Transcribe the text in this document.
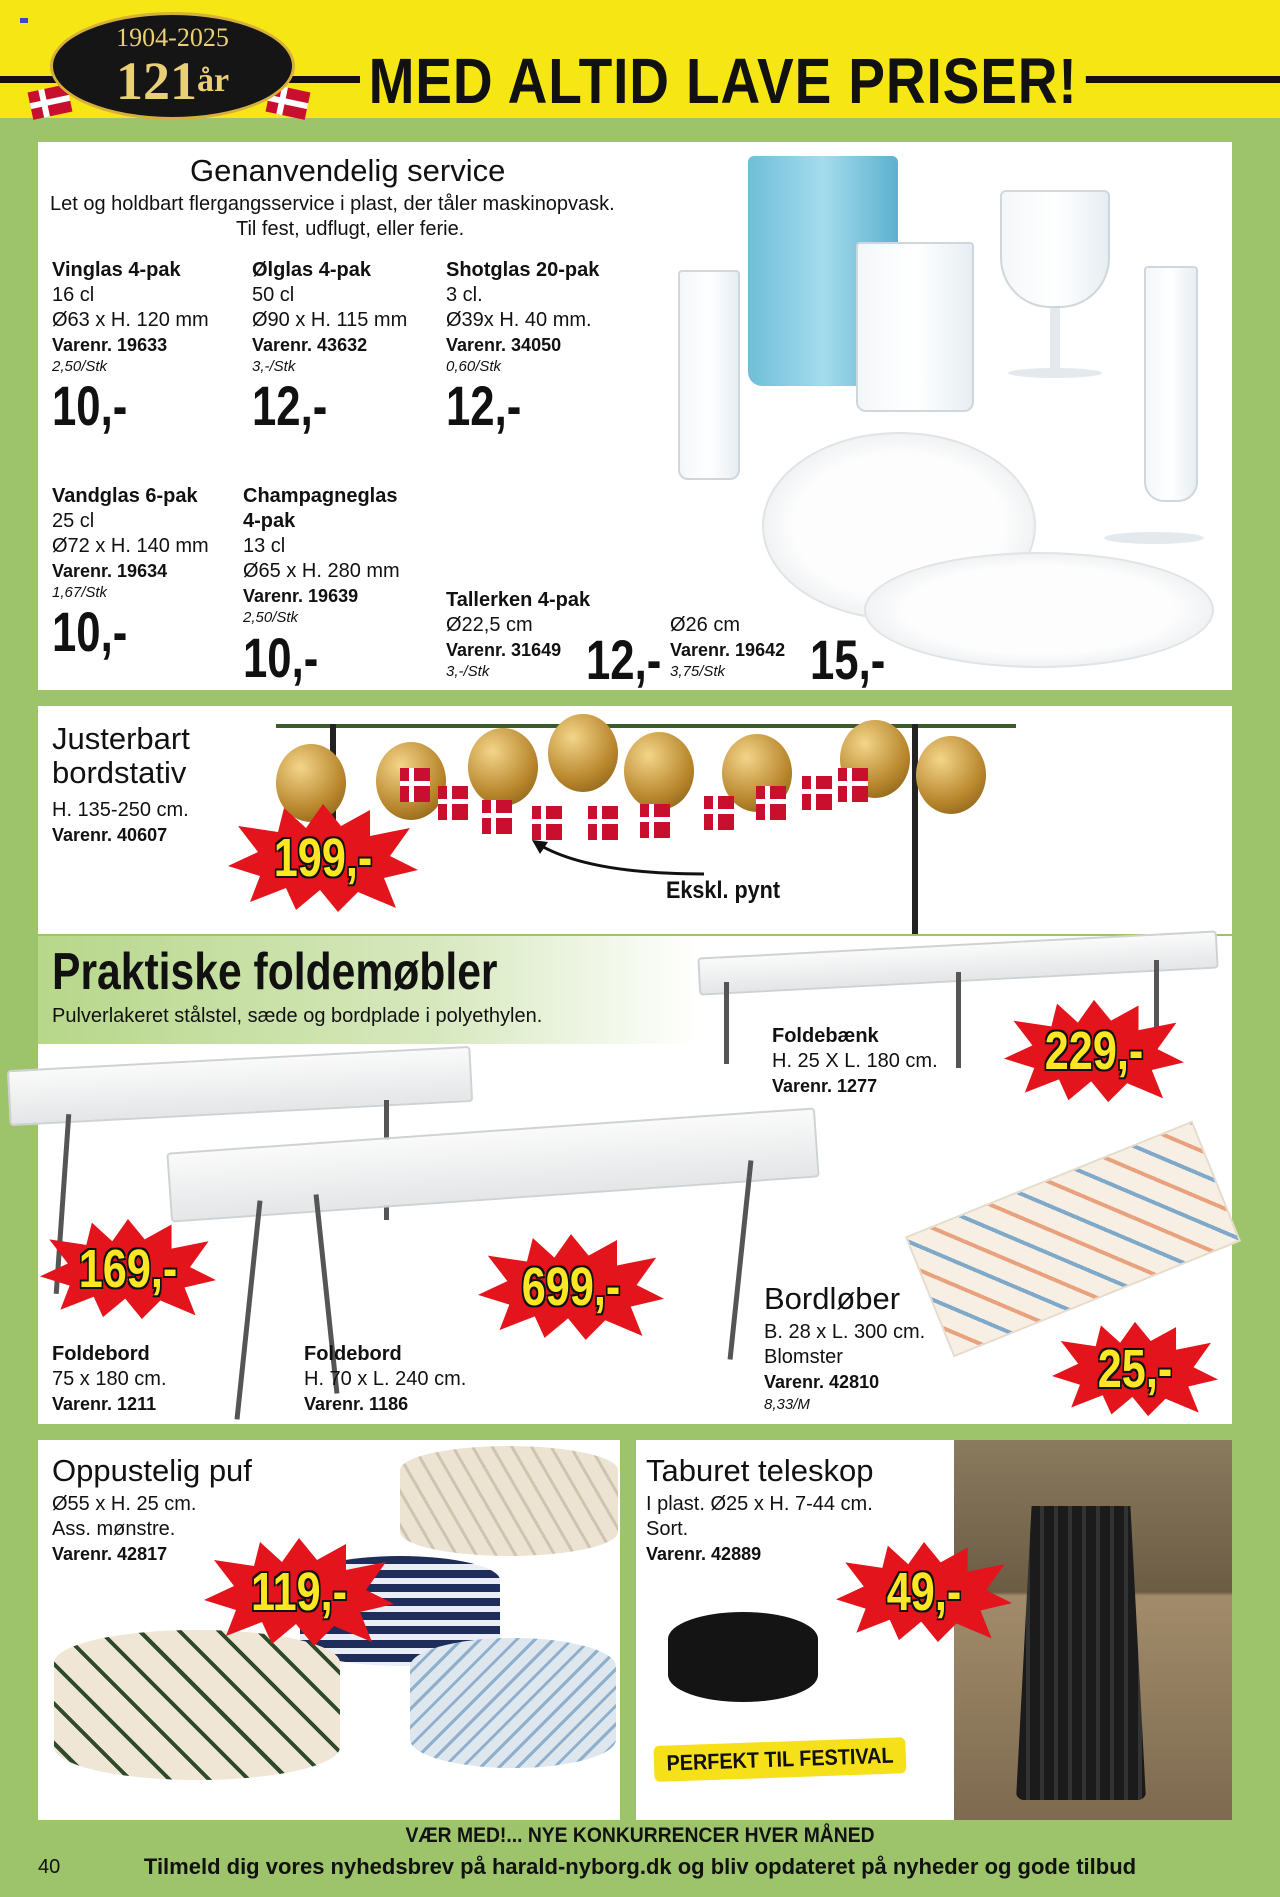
MED ALTID LAVE PRISER!
1904-2025
$121^{år}$
Genanvendelig service
Let og holdbart flergangsservice i plast, der tåler maskinopvask.
Til fest, udflugt, eller ferie.
Vinglas 4-pak
16 cl
Ø63 x H. 120 mm
Varenr. 19633
2,50/Stk
10,-
Ølglas 4-pak
50 cl
Ø90 x H. 115 mm
Varenr. 43632
3,-/Stk
12,-
Shotglas 20-pak
3 cl.
Ø39x H. 40 mm.
Varenr. 34050
0,60/Stk
12,-
Vandglas 6-pak
25 cl
Ø72 x H. 140 mm
Varenr. 19634
1,67/Stk
10,-
Champagneglas
4-pak
13 cl
Ø65 x H. 280 mm
Varenr. 19639
2,50/Stk
10,-
Tallerken 4-pak
Ø22,5 cm
Varenr. 31649
3,-/Stk 12,-
Ø26 cm
Varenr. 19642
3,75/Stk 15,-
Justerbart
bordstativ
H. 135-250 cm.
Varenr. 40607
Ekskl. pynt
199,-
Praktiske foldemøbler
Pulverlakeret stålstel, sæde og bordplade i polyethylen.
Foldebænk
H. 25 X L. 180 cm.
Varenr. 1277
229,-
169,-	699,-
Foldebord
75 x 180 cm.
Varenr. 1211
Foldebord
H. 70 x L. 240 cm.
Varenr. 1186
Bordløber
B. 28 x L. 300 cm.
Blomster
Varenr. 42810
8,33/M
25,-
Oppustelig puf
Ø55 x H. 25 cm.
Ass. mønstre.
Varenr. 42817
119,-
Taburet teleskop
I plast. Ø25 x H. 7-44 cm.
Sort.
Varenr. 42889
PERFEKT TIL FESTIVAL
49,-
VÆR MED!... NYE KONKURRENCER HVER MÅNED
Tilmeld dig vores nyhedsbrev på harald-nyborg.dk og bliv opdateret på nyheder og gode tilbud
40
